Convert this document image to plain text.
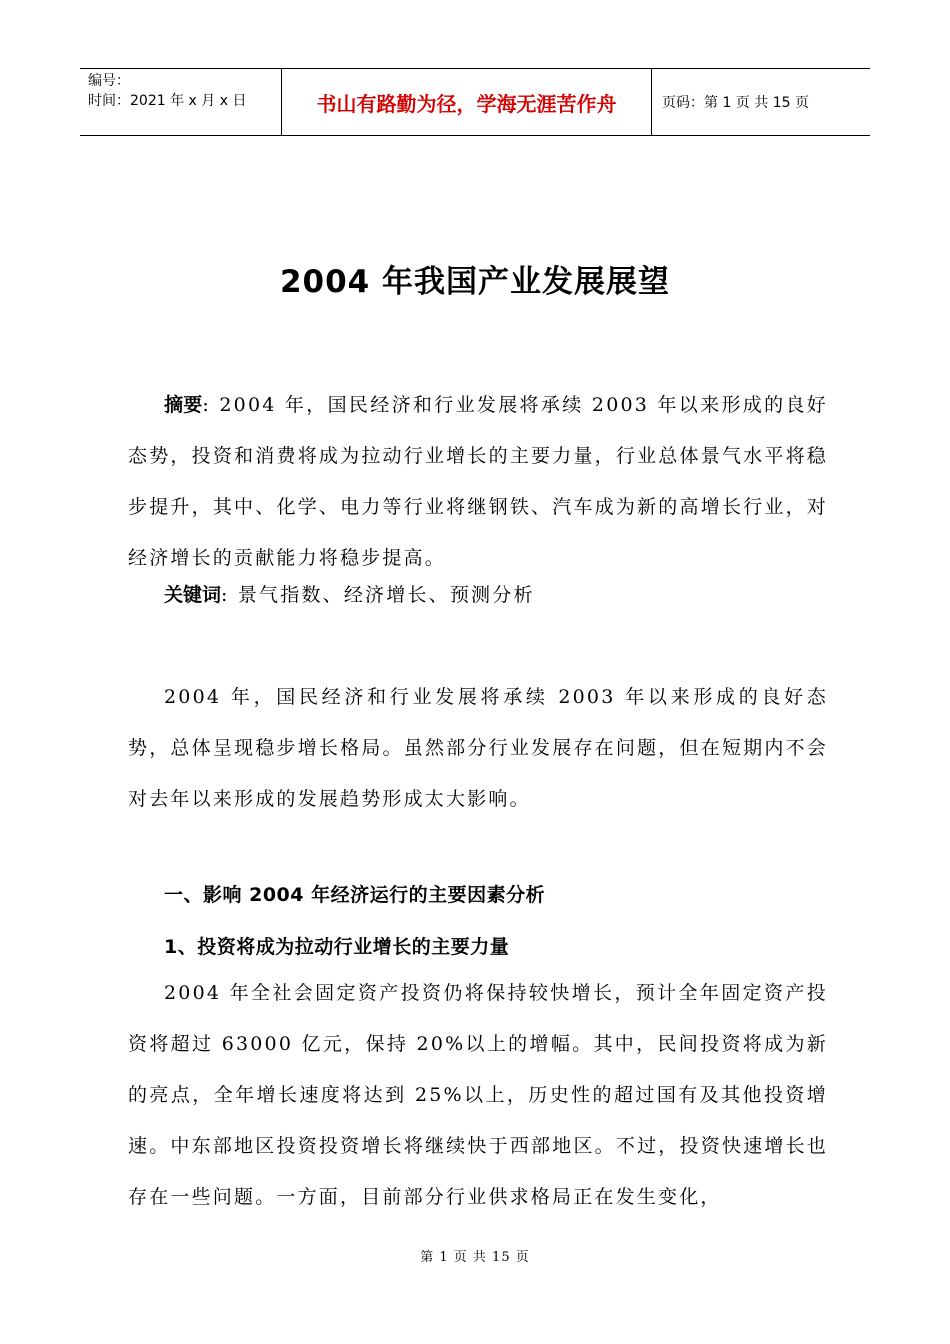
编号：
时间：2021 年 x 月 x 日	书山有路勤为径，学海无涯苦作舟	页码：第 1 页 共 15 页
2004 年我国产业发展展望
摘要: 2004 年，国民经济和行业发展将承续 2003 年以来形成的良好态势，投资和消费将成为拉动行业增长的主要力量，行业总体景气水平将稳步提升，其中、化学、电力等行业将继钢铁、汽车成为新的高增长行业，对经济增长的贡献能力将稳步提高。
关键词: 景气指数、经济增长、预测分析
2004 年，国民经济和行业发展将承续 2003 年以来形成的良好态势，总体呈现稳步增长格局。虽然部分行业发展存在问题，但在短期内不会对去年以来形成的发展趋势形成太大影响。
一、影响 2004 年经济运行的主要因素分析
1、投资将成为拉动行业增长的主要力量
2004 年全社会固定资产投资仍将保持较快增长，预计全年固定资产投资将超过 63000 亿元，保持 20%以上的增幅。其中，民间投资将成为新的亮点，全年增长速度将达到 25%以上，历史性的超过国有及其他投资增速。中东部地区投资投资增长将继续快于西部地区。不过，投资快速增长也存在一些问题。一方面，目前部分行业供求格局正在发生变化，
第 1 页 共 15 页
